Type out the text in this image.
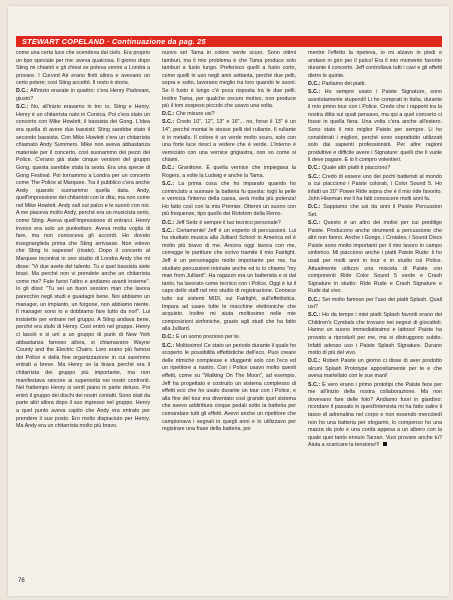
STEWART COPELAND · Continuazione da pag. 25

come una certa luce che scendeva dal cielo. Era proprio un tipo speciale per me: aveva qualcosa. Il giorno dopo Sting mi chiamò e gli chiesi se poteva venire a Londra a provare. I Curved Air erano finiti allora e avevano un certo potere; così Sting accettò. Il resto è storia.

D.C.: All'inizio eravate in quattro: c'era Henry Padovani, giusto?

S.C.: No, all'inizio eravamo in tre: io, Sting e Henry. Henry è un chitarrista nato in Corsica. Poi c'era stato un concerto con Mike Howlett, il bassista dei Gong. L'idea era quella di avere due bassisti; Sting sarebbe stato il secondo bassista. Con Mike Howlett c'era un chitarrista chiamato Andy Summers. Mike non aveva abbastanza materiale per il concerto, così suonammo dei pezzi dei Police. C'erano già state cinque versioni del gruppo Gong, questa sarebbe stata la sesta. Era una specie di Gong Festival. Poi tornammo a Londra per un concerto come The Police al Marquee. Tra il pubblico c'era anche Andy quando suonammo quella data. Andy, quell'impressione dei chitarristi con le dita, ma non come nel Mike Howlett. Andy salì sul palco e le suonò con noi. A me piaceva molto Andy, perché era un musicista serio, come Sting. Aveva quell'impressione di entrarci. Henry invece era solo un punkettaro. Aveva molta voglia di fare, ma non conosceva gli accordi. Ho dovuto insegnargliela prima che Sting arrivasse. Non volevo che Sting lo sapesse! (risate). Dopo il concerto al Marquee incontrai in uno studio di Londra Andy che mi disse: "Vi due avete del talento. Tu e quel bassista siete bravi. Ma perché non vi prendete anche un chitarrista come me? Fate furori l'altro e andiamo avanti insieme". Io gli dissi: "Tu sei un buon session man che lavora parecchio negli studi e guadagni bene. Noi abbiamo un manager, un impianto, un furgone, non abbiamo niente. Il manager sono io e dobbiamo fare tutto da noi!". Lui insistette per entrare nel gruppo. A Sting andava bene, perché era stufo di Henry. Così entrò nel gruppo. Henry ci lasciò e si unì a un gruppo di punk di New York abbastanza famoso allora, si chiamavano Wayne County and the Electric Chairs. Loro erano più famosi dei Police e della fine organizzazione in cui saremmo entrati a breve. Ma Henry se la tirava perché era il chitarrista dei gruppo più importante, ma non manifestava rancore ai superiorità nei nostri confronti. Nel frattempo Henry si sentì piano in parte deluso. Poi entrò il gruppo dei dischi dei nostri contatti. Sono stati da parte altri allora dopo il suo ingresso nel gruppo. Henry a quel punto aveva capito che Andy era entrato per prendere il suo posto. Ero molto dispiaciuto per Henry. Ma Andy era un chitarrista molto più bravo.

nuovo set Tama in colore verde scuro. Sono ottimi tamburi, ma il mio problema è che Tama produce solo tamburi a fusto lungo. Preferisco quelli a fusto corto, come quelli in uso negli anni settanta, perché due pelli, sopra e sotto, lavorano meglio tra loro quando le suoni. Se il fusto è lungo c'è poca risposta tra le due pelli. Inoltre Tama, per qualche oscuro motivo, non produce più il tom sospeso piccolo che usavo una volta.

D.C.: Che misure usi?

S.C.: Credo 10", 12", 13" e 16"... no, forse il 13" è un 14", perché montai le stesse pelli del rullante. Il rullante è in metallo. Il colore è un verde molto scuro, solo con una forte luce riesci a vedere che è verde. L'interno è verniciato con una vernice grigiastra, non so come si chiami.

D.C.: Granitone. È quella vernice che impiegava la Rogers, a volte la Ludwig e anche la Tama.

S.C.: La prima cosa che ho imparato quando ho cominciato a suonare la batteria fu questa: togli la pelle e vernicia l'interno della cassa, avrà molta più potenza! Ho fatto così con la mia Premier. Ottenni un suono con più frequenze, tipo quello dei Rototom della Remo.

D.C.: Jeff Seitz è sempre il tuo tecnico personale?

S.C.: Certamente! Jeff è un esperto di percussioni. Lui ha studiato musica alla Julliard School in America ed è molto più bravo di me. Ancora oggi lavora con me, corregge le partiture che scrivo tramite il mio Fairlight. Jeff è un personaggio molto importante per me, ha studiato percussioni intonate anche ed io lo chiamo "my man from Julliard". Ha ragazzo era un batterista e si dal tanto, ha lavorato come tecnico con i Police. Oggi è lui il capo dello staff nel mio studio di registrazione. Conosce tutto sui sistemi MIDI, sui Fairlight, sull'effettistica. Impara ad usare tutte le macchine elettroniche che acquisto. Inoltre mi aiuta moltissimo nelle mie composizioni sinfoniche, grazie agli studi che ha fatto alla Julliard.

D.C.: È un uomo prezioso per te.

S.C.: Moltissimo! Ce stato un periodo durante il quale ho scoperto le possibilità effettistiche dell'eco. Puoi creare delle ritmiche complesse e sfuggenti solo con l'eco ed un ripetitore a nastro. Con i Police usavo molto questi effetti, come su "Walking On The Moon", ad esempio. Jeff ha progettato e costruito un sistema complesso di effetti eco che ho usato durante un tour con i Police, e alla fine del tour era diventato così grande quel sistema che avevo addirittura cinque pedali sotto la batteria per comandare tutti gli effetti. Avevo anche un ripetitore che campionava i segnali in quegli anni e lo utilizzavo per registrare una frase della batteria, poi

mentre l'effetto la ripeteva, io mi alzavo in piedi e andavo in giro per il palco! Era il mio momento favorito durante il concerto. Jeff controllava tutti i cavi e gli effetti dietro le quinte.

D.C.: Parliamo dei piatti.

S.C.: Ho sempre usato i Paiste Signature, sono assolutamente stupendi! Li ho comprati in Italia, durante il mio primo tour con i Police. Credo che i rapporti tra la nostra ditta sui quali pensavo, ma qui a quel concerto ci fosse in quella fiera. Una volta c'era anche all'estero. Sono stato il mio miglior Paiste per sempre. Li ho considerati i migliori, perché sono soprattutto utilizzati solo dai sapienti professionisti. Per altre ragioni produttive e difficile avere i Signature: quelli che li vuole li deve pagare. E io li compro volentieri.

D.C.: Quale altri piatti ti piacciono?

S.C.: Credo di essere uno dei pochi batteristi al mondo a cui piacciono i Paiste colorati, i Color Sound 5. Ho infatti un 20" Power Ride sopra che è il mio ride favorito. John Hiseman me li ha fatti conoscere molti anni fa.

D.C.: Sappiamo che usi da anni il Paiste Percussion Set.

S.C.: Questo è un altro dei motivi per cui prediligo Paiste. Producono anche strumenti a percussione che altri non fanno. Anche i Gongs, i Crotales, i Sound Discs Paiste sono molto importanti per il mio lavoro in campo sinfonico. Mi piacciono anche i piatti Paiste Rude: li ho usati per molti anni in tour e in studio coi Police. Attualmente utilizzo una miscela di Paiste con componenti Ride Color Sound 5 verde e Crash Signature in studio: Ride Rude e Crash Signature e Rude dal vivo.

D.C.: Sei molto famoso per l'uso dei piatti Splash. Quali usi?

S.C.: Ho da tempo i miei piatti Splash favoriti erano dei Children's Cymbals che trovano nei negozi di giocattoli. Hanno un suono immediatissimo e lattoso! Paiste ha provato a riprodurli per me, ma si distruggono subito. Infatti adesso uso i Paiste Splash Signature. Durano molto di più del vivo.

D.C.: Robert Paiste un giorno ci disse di aver prodotto alcuni Splash Prototype appositamente per te e che aveva martellato con le sue mani!

S.C.: È vero erano i primo prototipi che Paiste fece per me all'inizio della nostra collaborazione. Ma non dovevano fare delle foto? Andiamo fuori in giardino: ricordare il passato in quest'intervista mi ha fatto salire il tasso di adrenalina nel corpo e non essendo mercoledì non ho una batteria per sfogarmi, lo compenso ho una mazza da polo e una corda appesa a un albero con la quale quei tanto ennuio Tarzan. Vuoi provare anche tu? Aiuta a scaricare la tensione!!!

76
